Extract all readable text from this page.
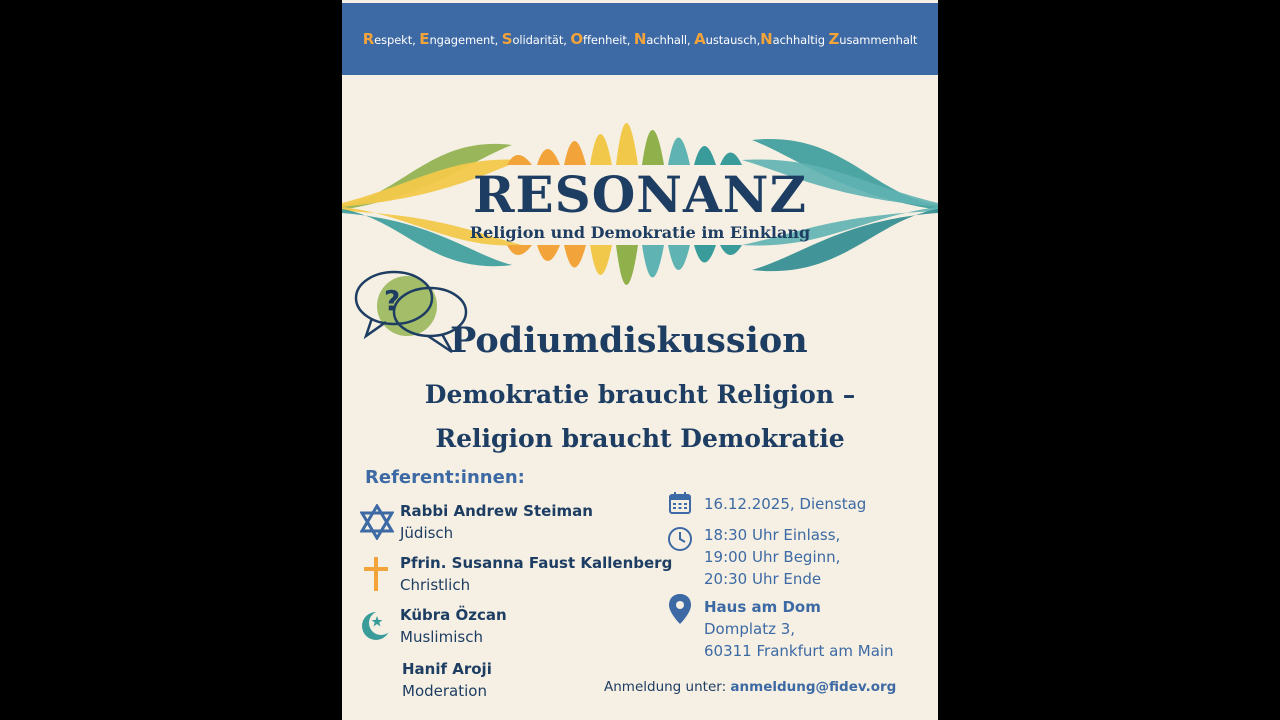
Respekt, Engagement, Solidarität, Offenheit, Nachhall, Austausch,Nachhaltig Zusammenhalt
RESONANZ
Religion und Demokratie im Einklang
?
Podiumdiskussion
Demokratie braucht Religion –
Religion braucht Demokratie
Referent:innen:
Rabbi Andrew Steiman
Jüdisch
Pfrin. Susanna Faust Kallenberg
Christlich
Kübra Özcan
Muslimisch
Hanif Aroji
Moderation
16.12.2025, Dienstag
18:30 Uhr Einlass,
19:00 Uhr Beginn,
20:30 Uhr Ende
Haus am Dom
Domplatz 3,
60311 Frankfurt am Main
Anmeldung unter: anmeldung@fidev.org
